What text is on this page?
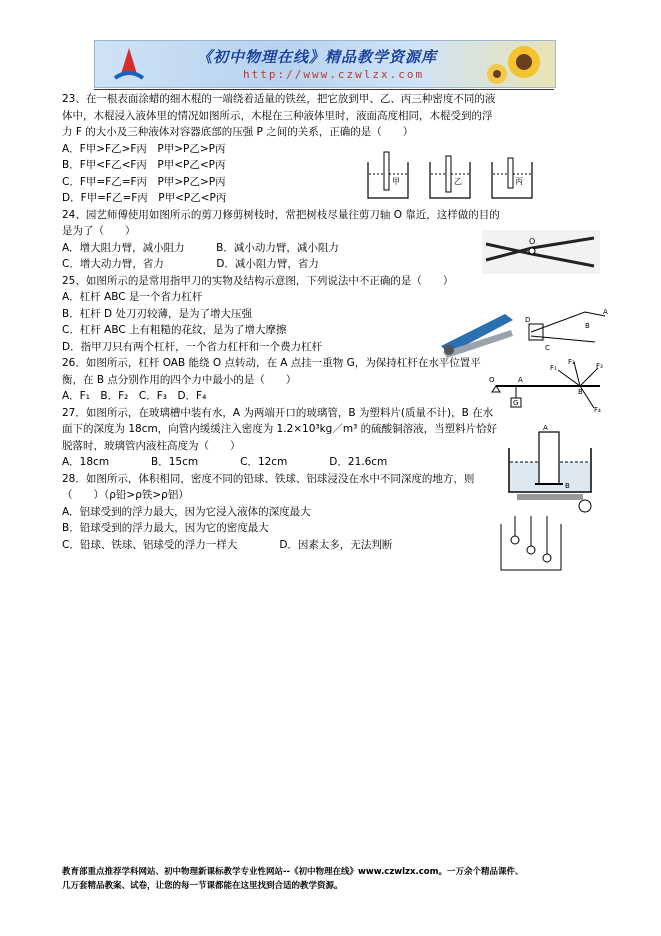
《初中物理在线》精品教学资源库
http://www.czwlzx.com

23、在一根表面涂蜡的细木棍的一端绕着适量的铁丝，把它放到甲、乙、丙三种密度不同的液体中，木棍浸入液体里的情况如图所示，木棍在三种液体里时，液面高度相同，木棍受到的浮力 F 的大小及三种液体对容器底部的压强 P 之间的关系，正确的是（　　）

A．F甲>F乙>F丙　P甲>P乙>P丙

B．F甲<F乙<F丙　P甲<P乙<P丙

C．F甲=F乙=F丙　P甲>P乙>P丙

D．F甲=F乙=F丙　P甲<P乙<P丙

24、园艺师傅使用如图所示的剪刀修剪树枝时，常把树枝尽量往剪刀轴 O 靠近，这样做的目的是为了（　　）

A．增大阻力臂，减小阻力　　　B．减小动力臂，减小阻力

C．增大动力臂，省力　　　　　D．减小阻力臂，省力

25、如图所示的是常用指甲刀的实物及结构示意图，下列说法中不正确的是（　　）

A．杠杆 ABC 是一个省力杠杆

B．杠杆 D 处刀刃较薄，是为了增大压强

C．杠杆 ABC 上有粗糙的花纹，是为了增大摩擦

D．指甲刀只有两个杠杆，一个省力杠杆和一个费力杠杆

26．如图所示，杠杆 OAB 能绕 O 点转动，在 A 点挂一重物 G，为保持杠杆在水平位置平衡，在 B 点分别作用的四个力中最小的是（　　）

A．F₁　B．F₂　C．F₃　D．F₄

27．如图所示，在玻璃槽中装有水，A 为两端开口的玻璃管，B 为塑料片(质量不计)，B 在水面下的深度为 18cm，向管内缓缓注入密度为 1.2×10³kg／m³ 的硫酸铜溶液，当塑料片恰好脱落时，玻璃管内液柱高度为（　　）

A．18cm　　　　B．15cm　　　　C．12cm　　　　D．21.6cm

28．如图所示，体积相同，密度不同的铅球、铁球、铝球浸没在水中不同深度的地方，则（　　）（ρ铅>ρ铁>ρ铝）

A．铝球受到的浮力最大，因为它浸入液体的深度最大

B．铅球受到的浮力最大，因为它的密度最大

C．铅球、铁球、铝球受的浮力一样大　　　　D．因素太多，无法判断

甲	乙	丙
O
A
B
C
D
G
O	A
B
F₁
F₂	F₃
F₄
A
B
教育部重点推荐学科网站、初中物理新课标教学专业性网站--《初中物理在线》www.czwlzx.com。一万余个精品课件、
几万套精品教案、试卷，让您的每一节课都能在这里找到合适的教学资源。
